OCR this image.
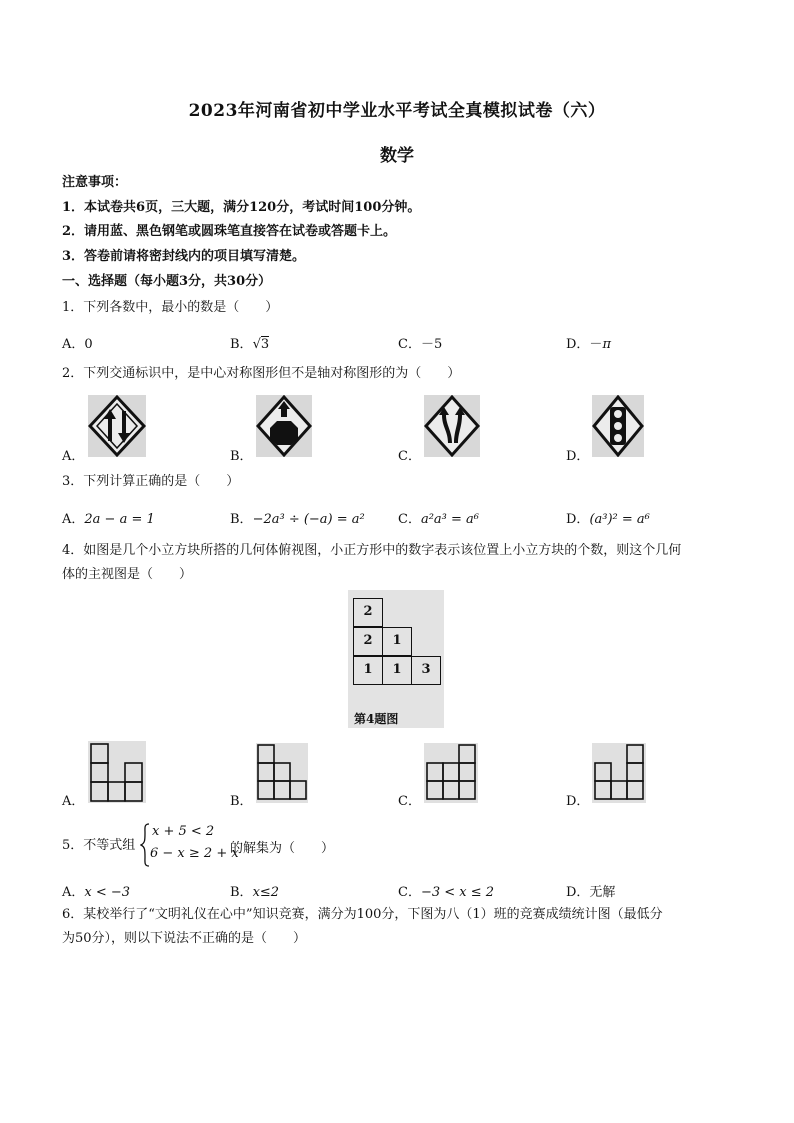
2023年河南省初中学业水平考试全真模拟试卷（六）
数学
注意事项：
1．本试卷共6页，三大题，满分120分，考试时间100分钟。
2．请用蓝、黑色钢笔或圆珠笔直接答在试卷或答题卡上。
3．答卷前请将密封线内的项目填写清楚。
一、选择题（每小题3分，共30分）
1．下列各数中，最小的数是（　　）
A．0	B．√3	C．－5	D．－π
2．下列交通标识中，是中心对称图形但不是轴对称图形的为（　　）
A．	B．	C．	D．
3．下列计算正确的是（　　）
A．2a − a = 1	B．−2a³ ÷ (−a) = a²	C．a²a³ = a⁶	D．(a³)² = a⁶
4．如图是几个小立方块所搭的几何体俯视图，小正方形中的数字表示该位置上小立方块的个数，则这个几何
体的主视图是（　　）
2
2	1
1	1	3
第4题图
A．	B．	C．	D．
5．不等式组
x + 5 < 2
6 − x ≥ 2 + x
的解集为（　　）
A．x < −3	B．x≤2	C．−3 < x ≤ 2	D．无解
6．某校举行了“文明礼仪在心中”知识竞赛，满分为100分，下图为八（1）班的竞赛成绩统计图（最低分
为50分），则以下说法不正确的是（　　）
